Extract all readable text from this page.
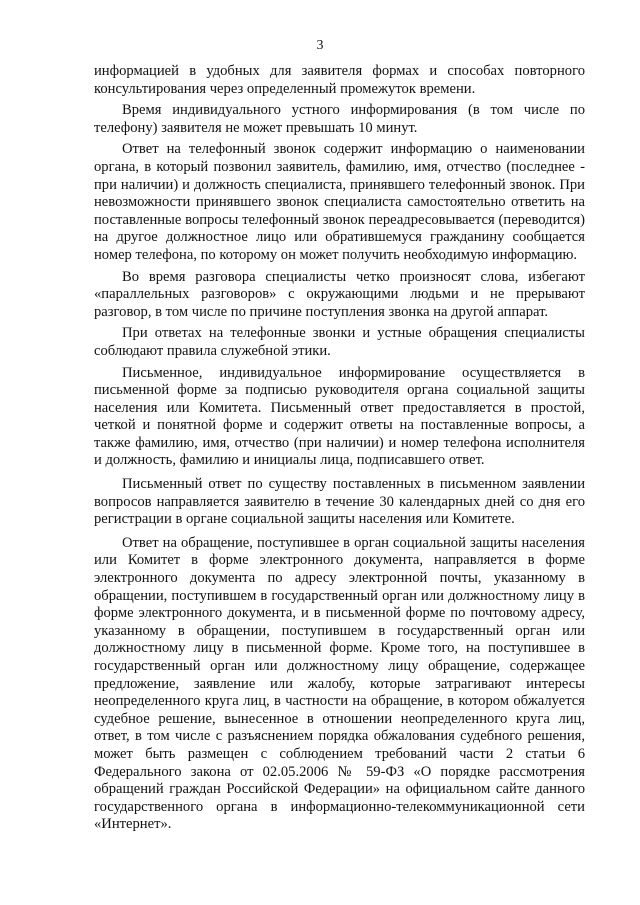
3

информацией в удобных для заявителя формах и способах повторного консультирования через определенный промежуток времени.

Время индивидуального устного информирования (в том числе по телефону) заявителя не может превышать 10 минут.

Ответ на телефонный звонок содержит информацию о наименовании органа, в который позвонил заявитель, фамилию, имя, отчество (последнее - при наличии) и должность специалиста, принявшего телефонный звонок. При невозможности принявшего звонок специалиста самостоятельно ответить на поставленные вопросы телефонный звонок переадресовывается (переводится) на другое должностное лицо или обратившемуся гражданину сообщается номер телефона, по которому он может получить необходимую информацию.

Во время разговора специалисты четко произносят слова, избегают «параллельных разговоров» с окружающими людьми и не прерывают разговор, в том числе по причине поступления звонка на другой аппарат.

При ответах на телефонные звонки и устные обращения специалисты соблюдают правила служебной этики.

Письменное, индивидуальное информирование осуществляется в письменной форме за подписью руководителя органа социальной защиты населения или Комитета. Письменный ответ предоставляется в простой, четкой и понятной форме и содержит ответы на поставленные вопросы, а также фамилию, имя, отчество (при наличии) и номер телефона исполнителя и должность, фамилию и инициалы лица, подписавшего ответ.

Письменный ответ по существу поставленных в письменном заявлении вопросов направляется заявителю в течение 30 календарных дней со дня его регистрации в органе социальной защиты населения или Комитете.

Ответ на обращение, поступившее в орган социальной защиты населения или Комитет в форме электронного документа, направляется в форме электронного документа по адресу электронной почты, указанному в обращении, поступившем в государственный орган или должностному лицу в форме электронного документа, и в письменной форме по почтовому адресу, указанному в обращении, поступившем в государственный орган или должностному лицу в письменной форме. Кроме того, на поступившее в государственный орган или должностному лицу обращение, содержащее предложение, заявление или жалобу, которые затрагивают интересы неопределенного круга лиц, в частности на обращение, в котором обжалуется судебное решение, вынесенное в отношении неопределенного круга лиц, ответ, в том числе с разъяснением порядка обжалования судебного решения, может быть размещен с соблюдением требований части 2 статьи 6 Федерального закона от 02.05.2006 № 59-ФЗ «О порядке рассмотрения обращений граждан Российской Федерации» на официальном сайте данного государственного органа в информационно-телекоммуникационной сети «Интернет».
